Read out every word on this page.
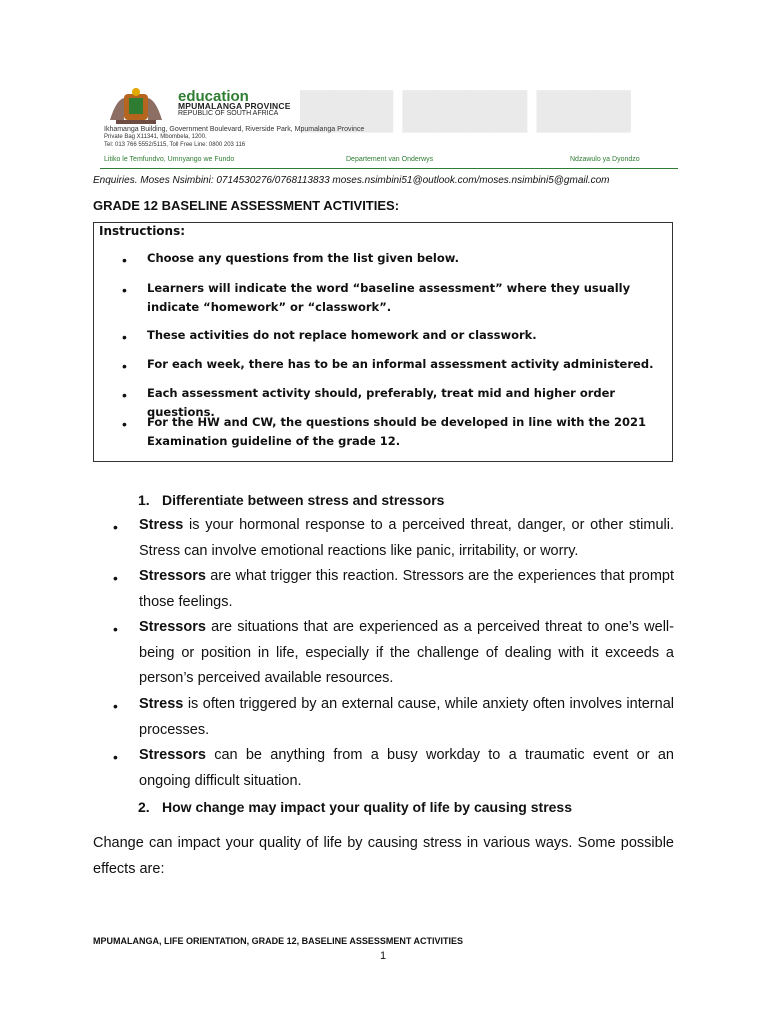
▇▇▇ ▇▇▇▇ ▇▇▇
education
MPUMALANGA PROVINCE
REPUBLIC OF SOUTH AFRICA
Ikhamanga Building, Government Boulevard, Riverside Park, Mpumalanga Province
Private Bag X11341, Mbombela, 1200.
Tel: 013 766 5552/5115, Toll Free Line: 0800 203 116
Litiko le Temfundvo, Umnyango we Fundo	Departement van Onderwys	Ndzawulo ya Dyondzo
Enquiries. Moses Nsimbini: 0714530276/0768113833 moses.nsimbini51@outlook.com/moses.nsimbini5@gmail.com
GRADE 12 BASELINE ASSESSMENT ACTIVITIES:
Instructions:
• Choose any questions from the list given below.
• Learners will indicate the word “baseline assessment” where they usually indicate “homework” or “classwork”.
• These activities do not replace homework and or classwork.
• For each week, there has to be an informal assessment activity administered.
• Each assessment activity should, preferably, treat mid and higher order questions.
• For the HW and CW, the questions should be developed in line with the 2021 Examination guideline of the grade 12.
1. Differentiate between stress and stressors
• Stress is your hormonal response to a perceived threat, danger, or other stimuli. Stress can involve emotional reactions like panic, irritability, or worry.
• Stressors are what trigger this reaction. Stressors are the experiences that prompt those feelings.
• Stressors are situations that are experienced as a perceived threat to one’s well-being or position in life, especially if the challenge of dealing with it exceeds a person’s perceived available resources.
• Stress is often triggered by an external cause, while anxiety often involves internal processes.
• Stressors can be anything from a busy workday to a traumatic event or an ongoing difficult situation.
2. How change may impact your quality of life by causing stress
Change can impact your quality of life by causing stress in various ways. Some possible effects are:
MPUMALANGA, LIFE ORIENTATION, GRADE 12, BASELINE ASSESSMENT ACTIVITIES
1
